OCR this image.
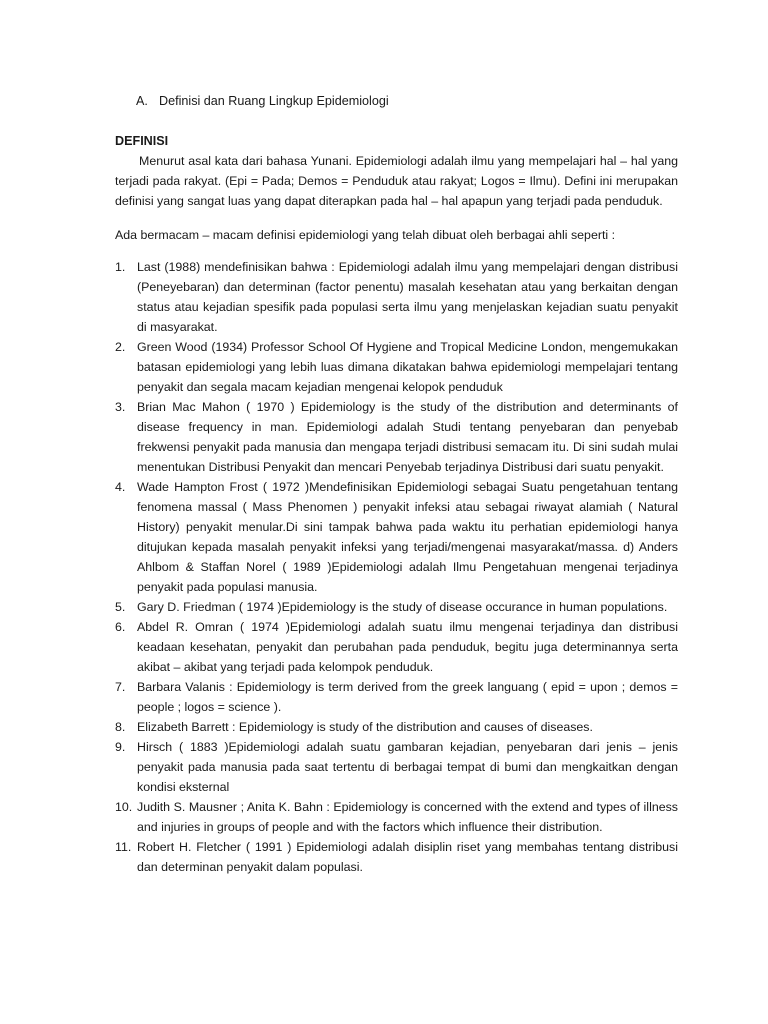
A. Definisi dan Ruang Lingkup Epidemiologi
DEFINISI

Menurut asal kata dari bahasa Yunani. Epidemiologi adalah ilmu yang mempelajari hal – hal yang terjadi pada rakyat. (Epi = Pada; Demos = Penduduk atau rakyat; Logos = Ilmu). Defini ini merupakan definisi yang sangat luas yang dapat diterapkan pada hal – hal apapun yang terjadi pada penduduk.

Ada bermacam – macam definisi epidemiologi yang telah dibuat oleh berbagai ahli seperti :

1. Last (1988) mendefinisikan bahwa : Epidemiologi adalah ilmu yang mempelajari dengan distribusi (Peneyebaran) dan determinan (factor penentu) masalah kesehatan atau yang berkaitan dengan status atau kejadian spesifik pada populasi serta ilmu yang menjelaskan kejadian suatu penyakit di masyarakat.
2. Green Wood (1934) Professor School Of Hygiene and Tropical Medicine London, mengemukakan batasan epidemiologi yang lebih luas dimana dikatakan bahwa epidemiologi mempelajari tentang penyakit dan segala macam kejadian mengenai kelopok penduduk
3. Brian Mac Mahon ( 1970 ) Epidemiology is the study of the distribution and determinants of disease frequency in man. Epidemiologi adalah Studi tentang penyebaran dan penyebab frekwensi penyakit pada manusia dan mengapa terjadi distribusi semacam itu. Di sini sudah mulai menentukan Distribusi Penyakit dan mencari Penyebab terjadinya Distribusi dari suatu penyakit.
4. Wade Hampton Frost ( 1972 )Mendefinisikan Epidemiologi sebagai Suatu pengetahuan tentang fenomena massal ( Mass Phenomen ) penyakit infeksi atau sebagai riwayat alamiah ( Natural History) penyakit menular.Di sini tampak bahwa pada waktu itu perhatian epidemiologi hanya ditujukan kepada masalah penyakit infeksi yang terjadi/mengenai masyarakat/massa. d) Anders Ahlbom & Staffan Norel ( 1989 )Epidemiologi adalah Ilmu Pengetahuan mengenai terjadinya penyakit pada populasi manusia.
5. Gary D. Friedman ( 1974 )Epidemiology is the study of disease occurance in human populations.
6. Abdel R. Omran ( 1974 )Epidemiologi adalah suatu ilmu mengenai terjadinya dan distribusi keadaan kesehatan, penyakit dan perubahan pada penduduk, begitu juga determinannya serta akibat – akibat yang terjadi pada kelompok penduduk.
7. Barbara Valanis : Epidemiology is term derived from the greek languang ( epid = upon ; demos = people ; logos = science ).
8. Elizabeth Barrett : Epidemiology is study of the distribution and causes of diseases.
9. Hirsch ( 1883 )Epidemiologi adalah suatu gambaran kejadian, penyebaran dari jenis – jenis penyakit pada manusia pada saat tertentu di berbagai tempat di bumi dan mengkaitkan dengan kondisi eksternal
10. Judith S. Mausner ; Anita K. Bahn : Epidemiology is concerned with the extend and types of illness and injuries in groups of people and with the factors which influence their distribution.
11. Robert H. Fletcher ( 1991 ) Epidemiologi adalah disiplin riset yang membahas tentang distribusi dan determinan penyakit dalam populasi.
